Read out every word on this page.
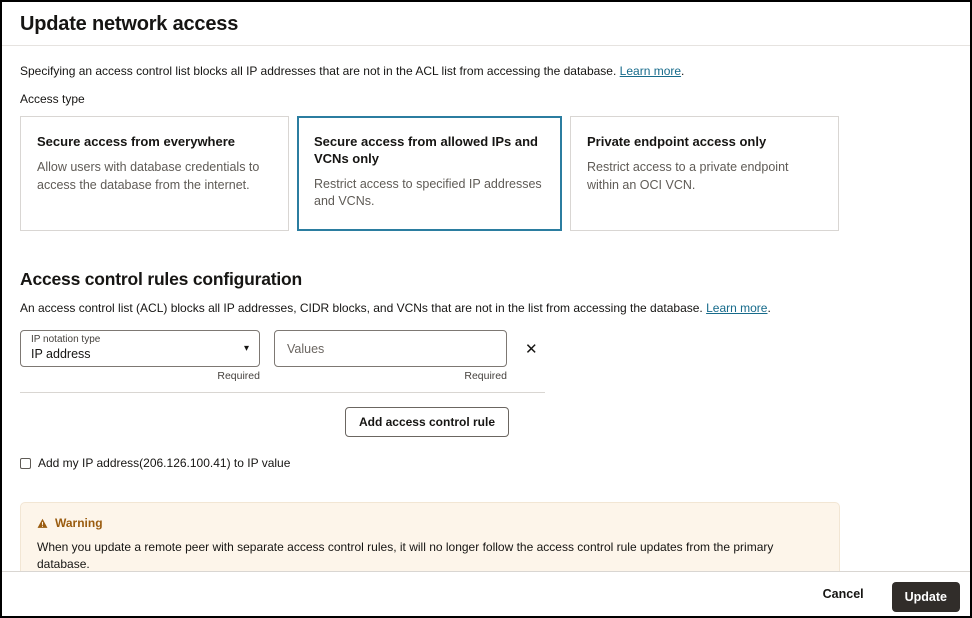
Update network access

Specifying an access control list blocks all IP addresses that are not in the ACL list from accessing the database. Learn more.

Access type
Secure access from everywhere
Allow users with database credentials to access the database from the internet.
Secure access from allowed IPs and VCNs only
Restrict access to specified IP addresses and VCNs.
Private endpoint access only
Restrict access to a private endpoint within an OCI VCN.
Access control rules configuration

An access control list (ACL) blocks all IP addresses, CIDR blocks, and VCNs that are not in the list from accessing the database. Learn more.

IP notation type
IP address	▾
Required
Values	Required
✕
Add access control rule
Add my IP address(206.126.100.41) to IP value
Warning
When you update a remote peer with separate access control rules, it will no longer follow the access control rule updates from the primary database.
Cancel	Update
